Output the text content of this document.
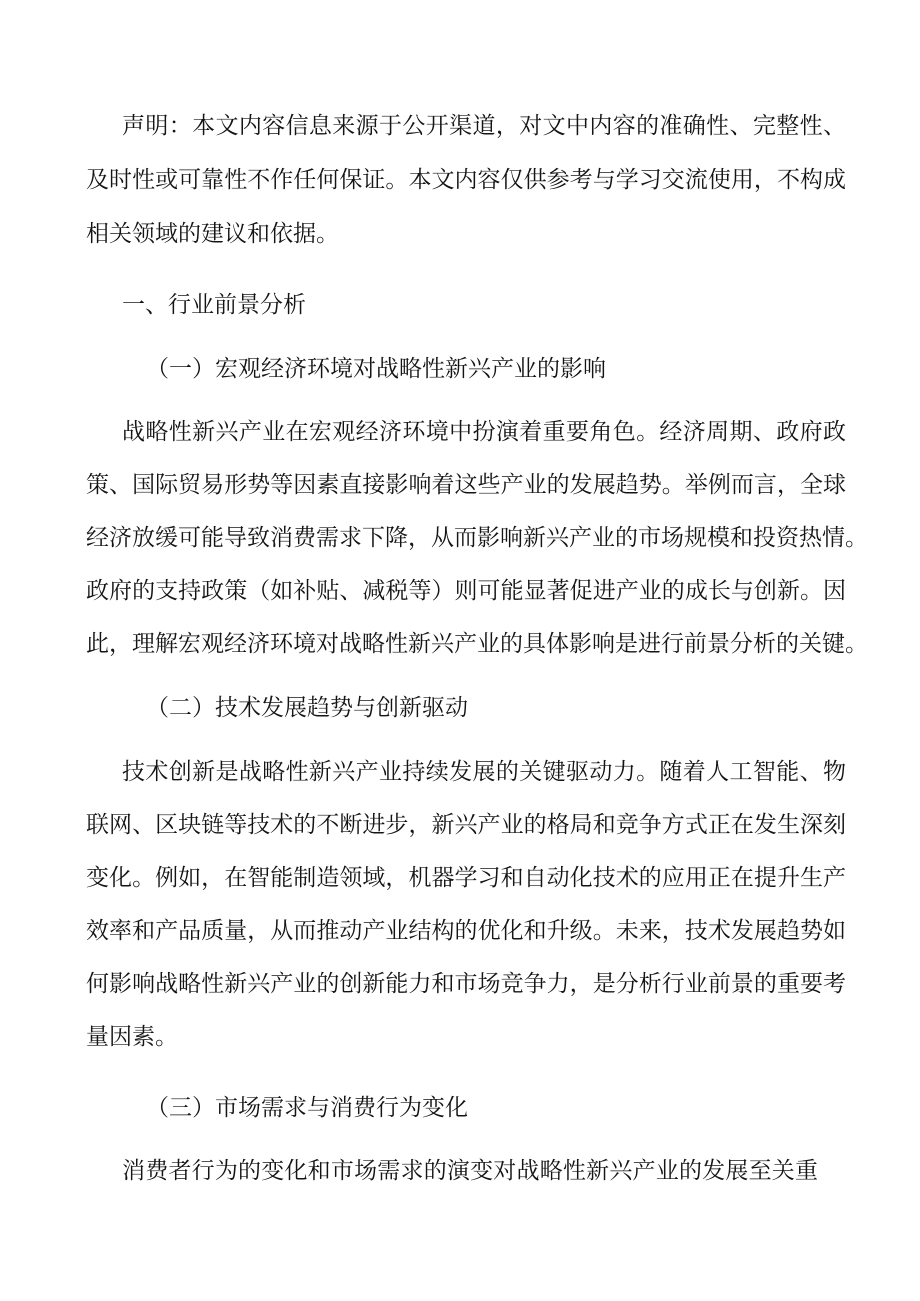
声明：本文内容信息来源于公开渠道，对文中内容的准确性、完整性、
及时性或可靠性不作任何保证。本文内容仅供参考与学习交流使用，不构成
相关领域的建议和依据。
一、行业前景分析
（一）宏观经济环境对战略性新兴产业的影响
战略性新兴产业在宏观经济环境中扮演着重要角色。经济周期、政府政
策、国际贸易形势等因素直接影响着这些产业的发展趋势。举例而言，全球
经济放缓可能导致消费需求下降，从而影响新兴产业的市场规模和投资热情。
政府的支持政策（如补贴、减税等）则可能显著促进产业的成长与创新。因
此，理解宏观经济环境对战略性新兴产业的具体影响是进行前景分析的关键。
（二）技术发展趋势与创新驱动
技术创新是战略性新兴产业持续发展的关键驱动力。随着人工智能、物
联网、区块链等技术的不断进步，新兴产业的格局和竞争方式正在发生深刻
变化。例如，在智能制造领域，机器学习和自动化技术的应用正在提升生产
效率和产品质量，从而推动产业结构的优化和升级。未来，技术发展趋势如
何影响战略性新兴产业的创新能力和市场竞争力，是分析行业前景的重要考
量因素。
（三）市场需求与消费行为变化
消费者行为的变化和市场需求的演变对战略性新兴产业的发展至关重
